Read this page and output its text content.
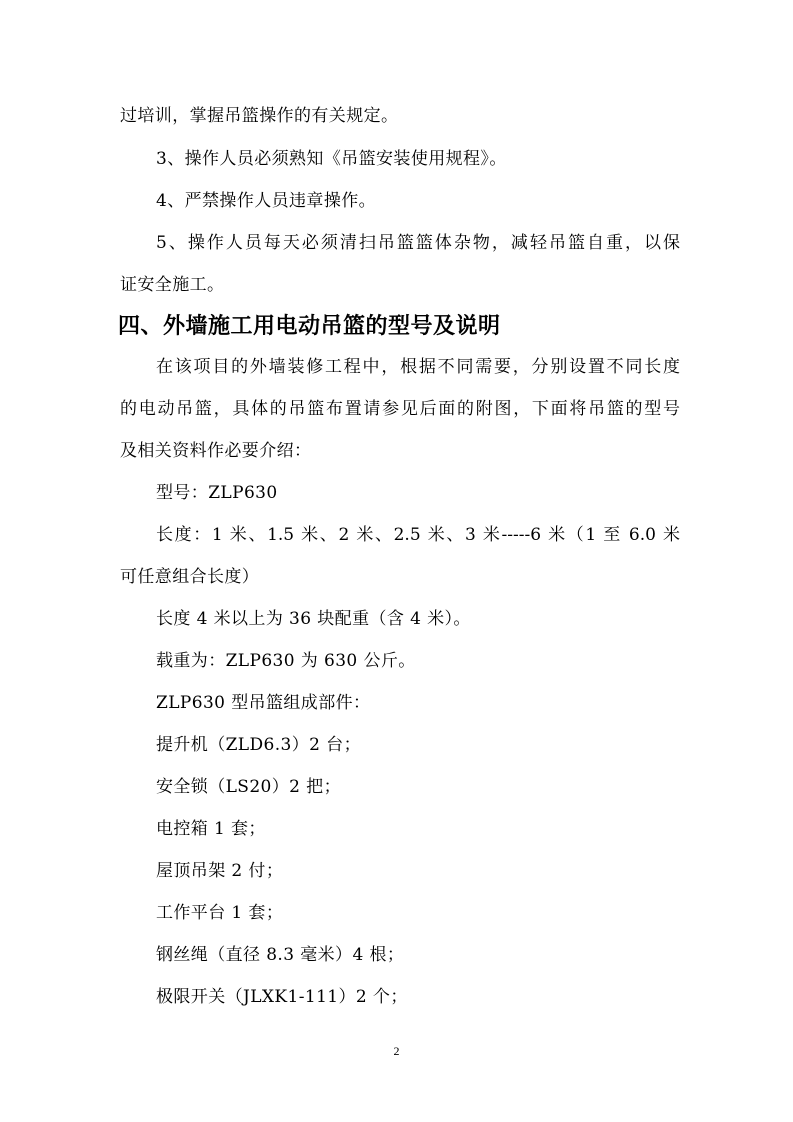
过培训，掌握吊篮操作的有关规定。
3、操作人员必须熟知《吊篮安装使用规程》。
4、严禁操作人员违章操作。
5、操作人员每天必须清扫吊篮篮体杂物，减轻吊篮自重，以保
证安全施工。
四、外墙施工用电动吊篮的型号及说明
在该项目的外墙装修工程中，根据不同需要，分别设置不同长度
的电动吊篮，具体的吊篮布置请参见后面的附图，下面将吊篮的型号
及相关资料作必要介绍：
型号：ZLP630
长度：1 米、1.5 米、2 米、2.5 米、3 米-----6 米（1 至 6.0 米
可任意组合长度）
长度 4 米以上为 36 块配重（含 4 米）。
载重为：ZLP630 为 630 公斤。
ZLP630 型吊篮组成部件：
提升机（ZLD6.3）2 台；
安全锁（LS20）2 把；
电控箱 1 套；
屋顶吊架 2 付；
工作平台 1 套；
钢丝绳（直径 8.3 毫米）4 根；
极限开关（JLXK1-111）2 个；
2
